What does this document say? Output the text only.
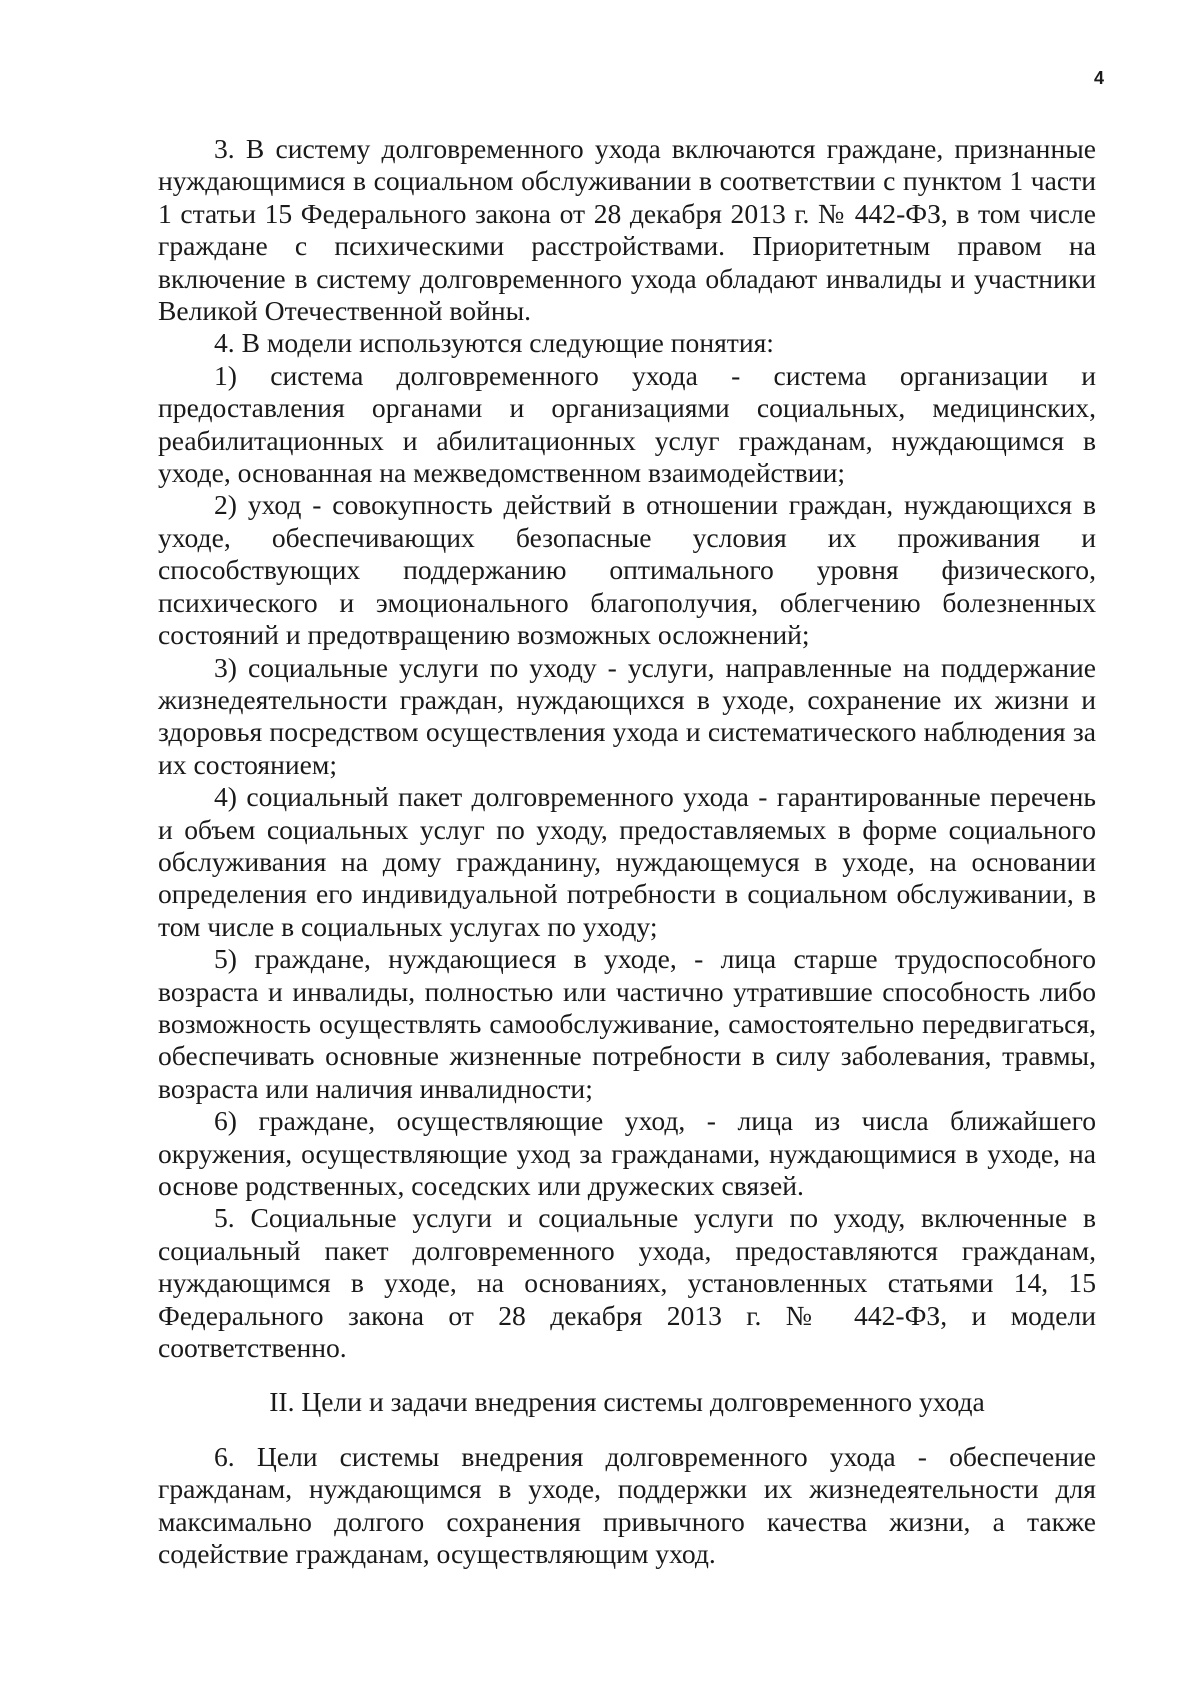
4

3. В систему долговременного ухода включаются граждане, признанные нуждающимися в социальном обслуживании в соответствии с пунктом 1 части 1 статьи 15 Федерального закона от 28 декабря 2013 г. № 442-ФЗ, в том числе граждане с психическими расстройствами. Приоритетным правом на включение в систему долговременного ухода обладают инвалиды и участники Великой Отечественной войны.

4. В модели используются следующие понятия:

1) система долговременного ухода - система организации и предоставления органами и организациями социальных, медицинских, реабилитационных и абилитационных услуг гражданам, нуждающимся в уходе, основанная на межведомственном взаимодействии;

2) уход - совокупность действий в отношении граждан, нуждающихся в уходе, обеспечивающих безопасные условия их проживания и способствующих поддержанию оптимального уровня физического, психического и эмоционального благополучия, облегчению болезненных состояний и предотвращению возможных осложнений;

3) социальные услуги по уходу - услуги, направленные на поддержание жизнедеятельности граждан, нуждающихся в уходе, сохранение их жизни и здоровья посредством осуществления ухода и систематического наблюдения за их состоянием;

4) социальный пакет долговременного ухода - гарантированные перечень и объем социальных услуг по уходу, предоставляемых в форме социального обслуживания на дому гражданину, нуждающемуся в уходе, на основании определения его индивидуальной потребности в социальном обслуживании, в том числе в социальных услугах по уходу;

5) граждане, нуждающиеся в уходе, - лица старше трудоспособного возраста и инвалиды, полностью или частично утратившие способность либо возможность осуществлять самообслуживание, самостоятельно передвигаться, обеспечивать основные жизненные потребности в силу заболевания, травмы, возраста или наличия инвалидности;

6) граждане, осуществляющие уход, - лица из числа ближайшего окружения, осуществляющие уход за гражданами, нуждающимися в уходе, на основе родственных, соседских или дружеских связей.

5. Социальные услуги и социальные услуги по уходу, включенные в социальный пакет долговременного ухода, предоставляются гражданам, нуждающимся в уходе, на основаниях, установленных статьями 14, 15 Федерального закона от 28 декабря 2013 г. № 442-ФЗ, и модели соответственно.

II. Цели и задачи внедрения системы долговременного ухода

6. Цели системы внедрения долговременного ухода - обеспечение гражданам, нуждающимся в уходе, поддержки их жизнедеятельности для максимально долгого сохранения привычного качества жизни, а также содействие гражданам, осуществляющим уход.
